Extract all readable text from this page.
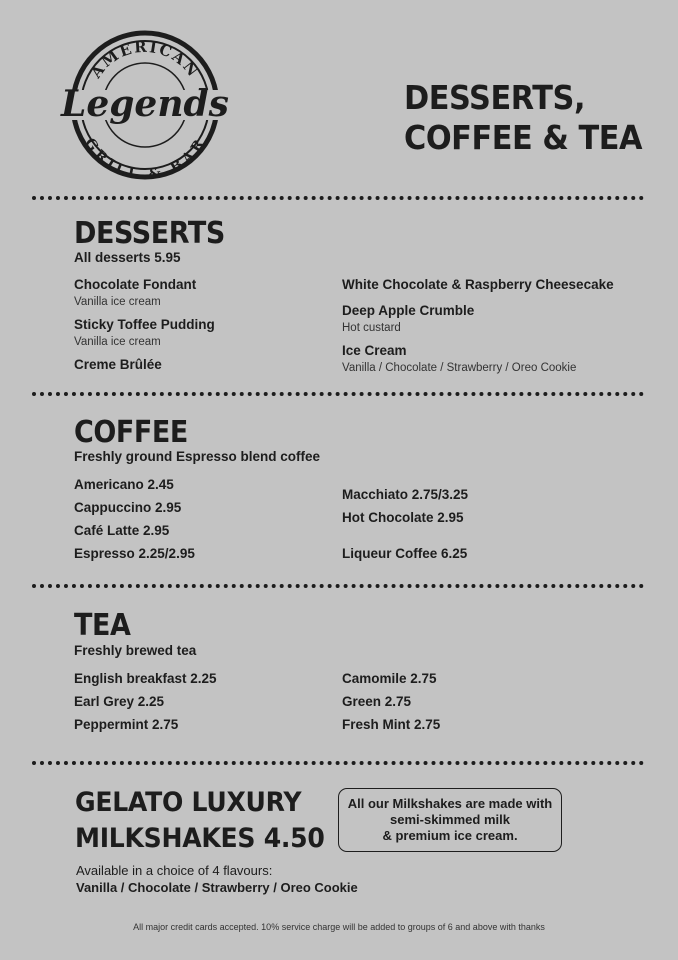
AMERICAN
GRILL & BAR
Legends	DESSERTS,
COFFEE & TEA
DESSERTS
All desserts 5.95
Chocolate Fondant
Vanilla ice cream
Sticky Toffee Pudding
Vanilla ice cream
Creme Brûlée
White Chocolate & Raspberry Cheesecake
Deep Apple Crumble
Hot custard
Ice Cream
Vanilla / Chocolate / Strawberry / Oreo Cookie
COFFEE
Freshly ground Espresso blend coffee
Americano 2.45
Cappuccino 2.95
Café Latte 2.95
Espresso 2.25/2.95
Macchiato 2.75/3.25
Hot Chocolate 2.95
Liqueur Coffee 6.25
TEA
Freshly brewed tea
English breakfast 2.25
Earl Grey 2.25
Peppermint 2.75
Camomile 2.75
Green 2.75
Fresh Mint 2.75
GELATO LUXURY
MILKSHAKES 4.50
All our Milkshakes are made with
semi-skimmed milk
& premium ice cream.
Available in a choice of 4 flavours:
Vanilla / Chocolate / Strawberry / Oreo Cookie
All major credit cards accepted. 10% service charge will be added to groups of 6 and above with thanks
